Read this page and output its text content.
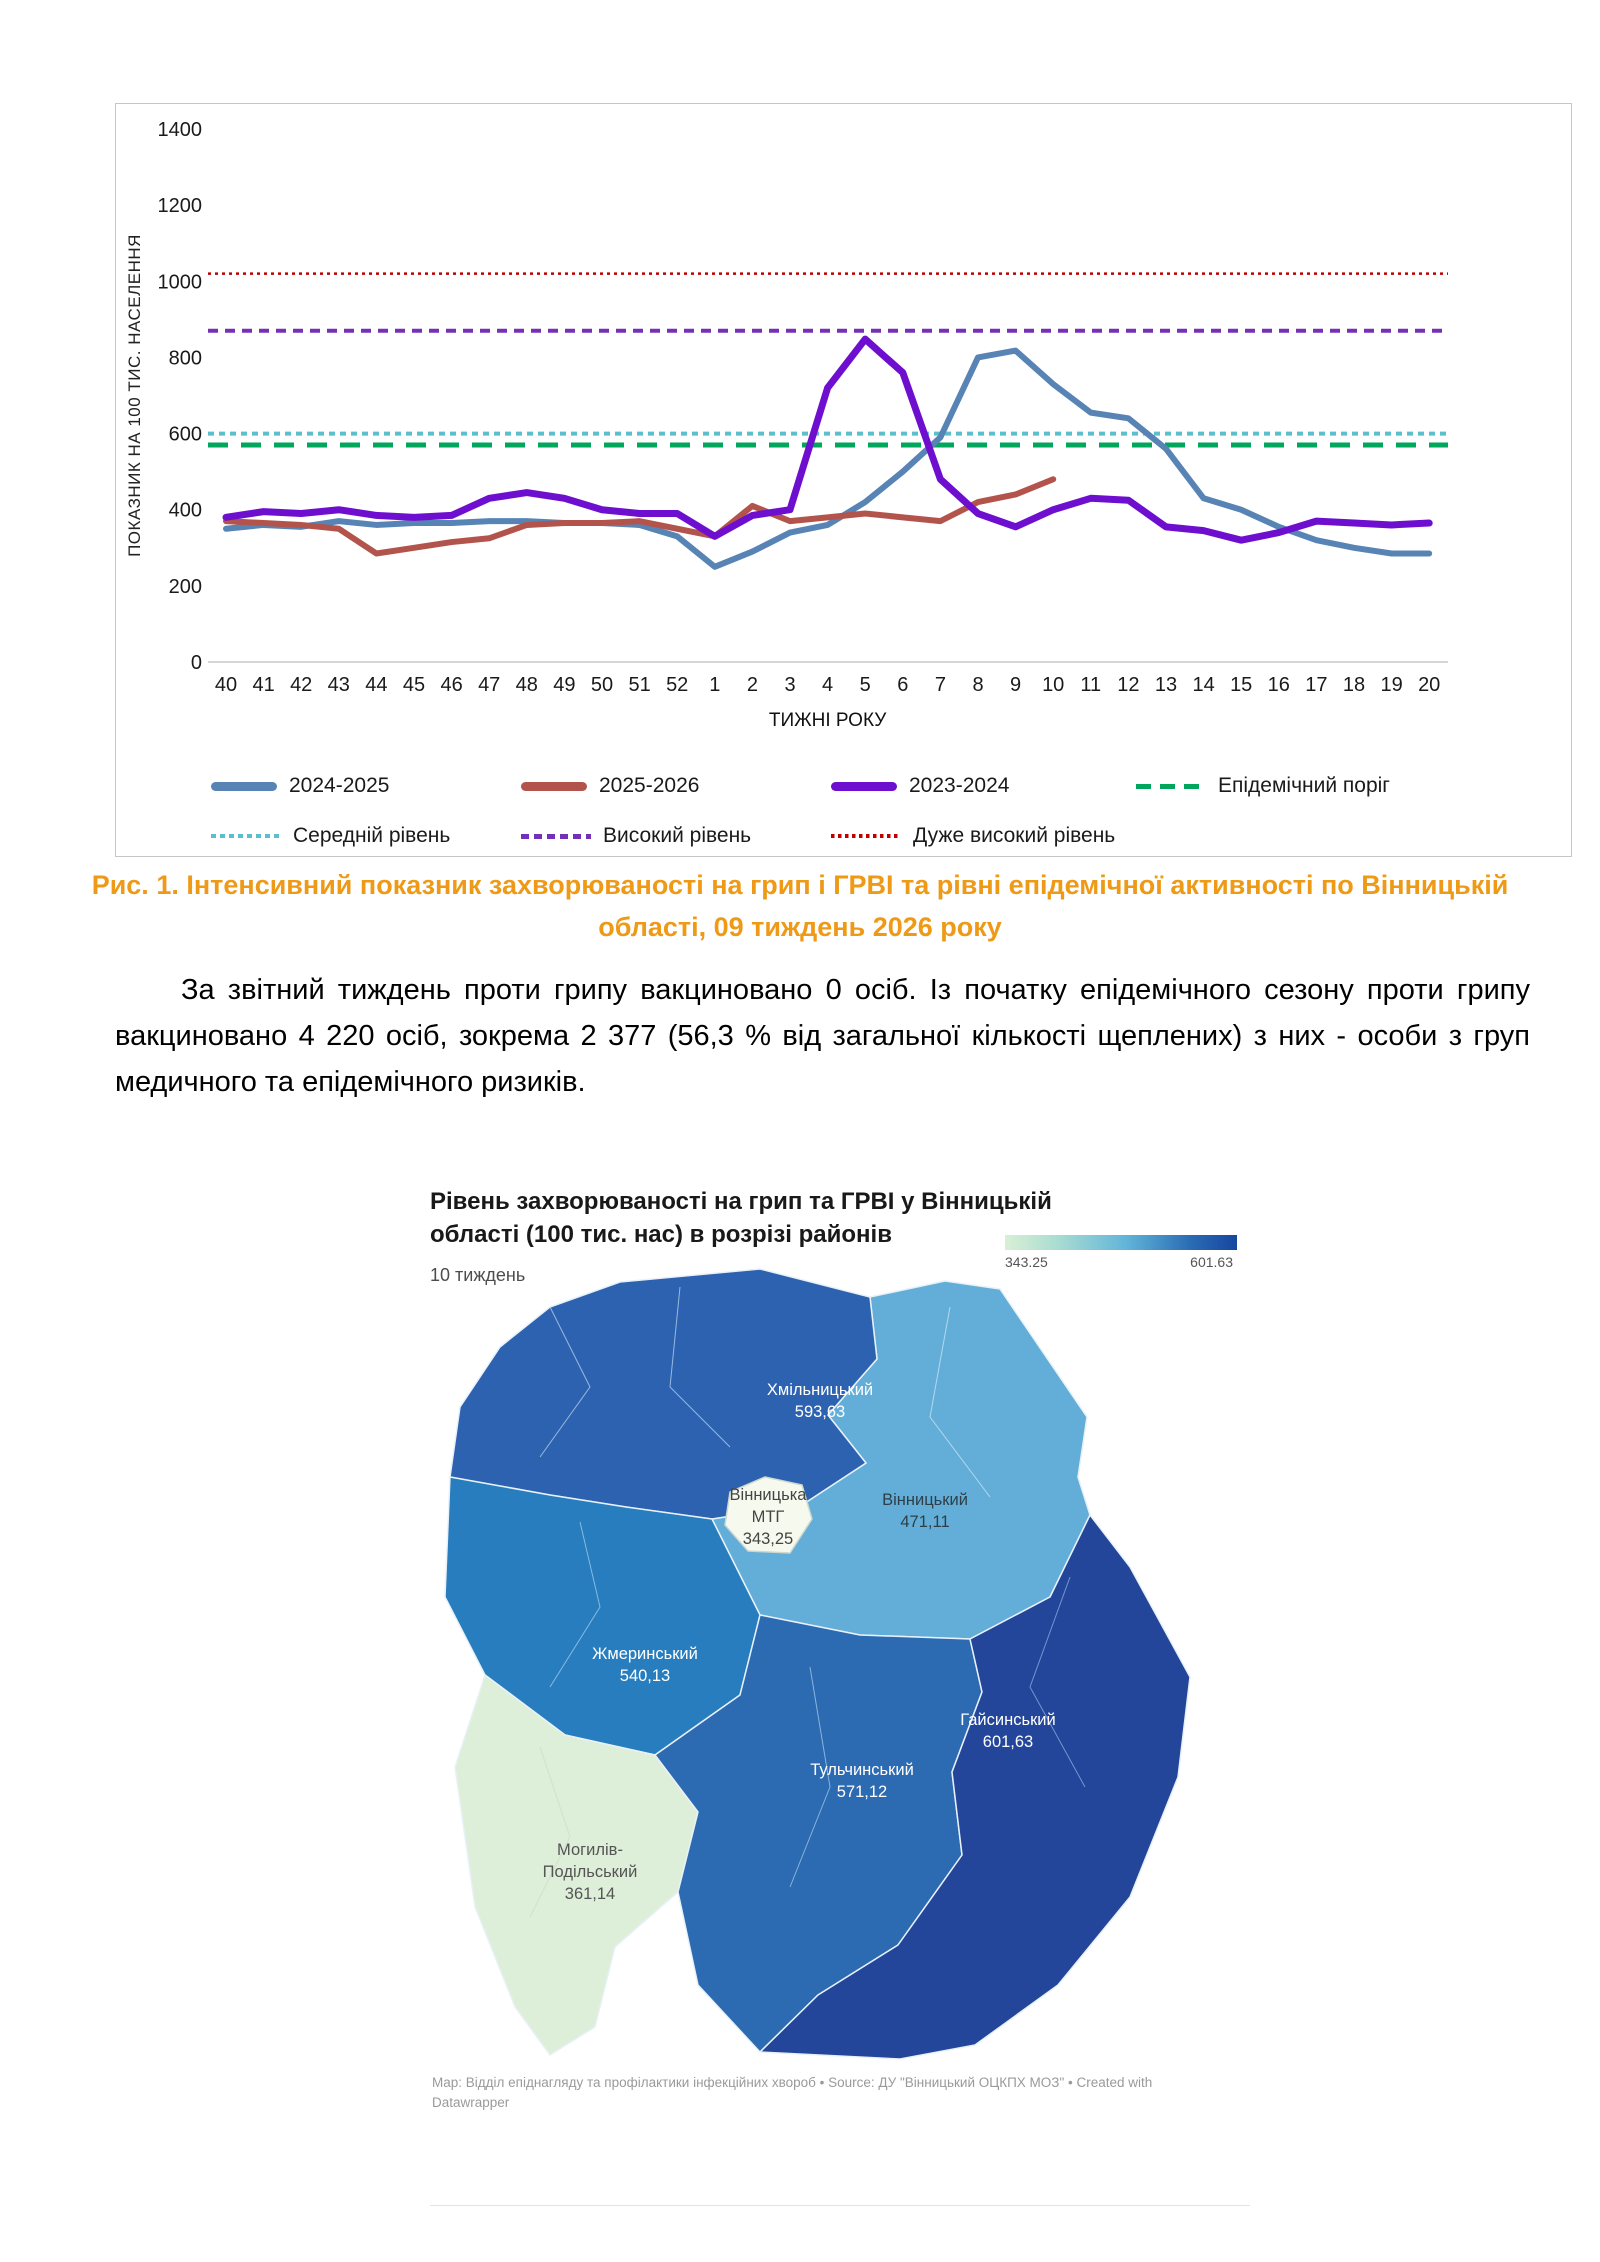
0
200
400
600
800
1000
1200
1400
40 41 42 43 44 45 46 47 48 49 50 51 52 1 2 3 4 5 6 7 8 9 10 11 12 13 14 15 16 17 18 19 20
ПОКАЗНИК НА 100 ТИС. НАСЕЛЕННЯ
ТИЖНІ РОКУ
2024-2025	2025-2026	2023-2024	Епідемічний поріг
Середній рівень	Високий рівень	Дуже високий рівень
Рис. 1. Інтенсивний показник захворюваності на грип і ГРВІ та рівні епідемічної активності по Вінницькій області, 09 тиждень 2026 року
За звітний тиждень проти грипу вакциновано 0 осіб. Із початку епідемічного сезону проти грипу вакциновано 4 220 осіб, зокрема 2 377 (56,3 % від загальної кількості щеплених) з них - особи з груп медичного та епідемічного ризиків.
Рівень захворюваності на грип та ГРВІ у Вінницькій
області (100 тис. нас) в розрізі районів
10 тиждень
343.25	601.63
Вінницький
471,11
Хмільницький
593,63
Жмеринський
540,13
Могилів-
Подільський
361,14
Тульчинський
571,12
Гайсинський
601,63
Вінницька
МТГ
343,25
Map: Відділ епіднагляду та профілактики інфекційних хвороб • Source: ДУ "Вінницький ОЦКПХ МОЗ" • Created with
Datawrapper
